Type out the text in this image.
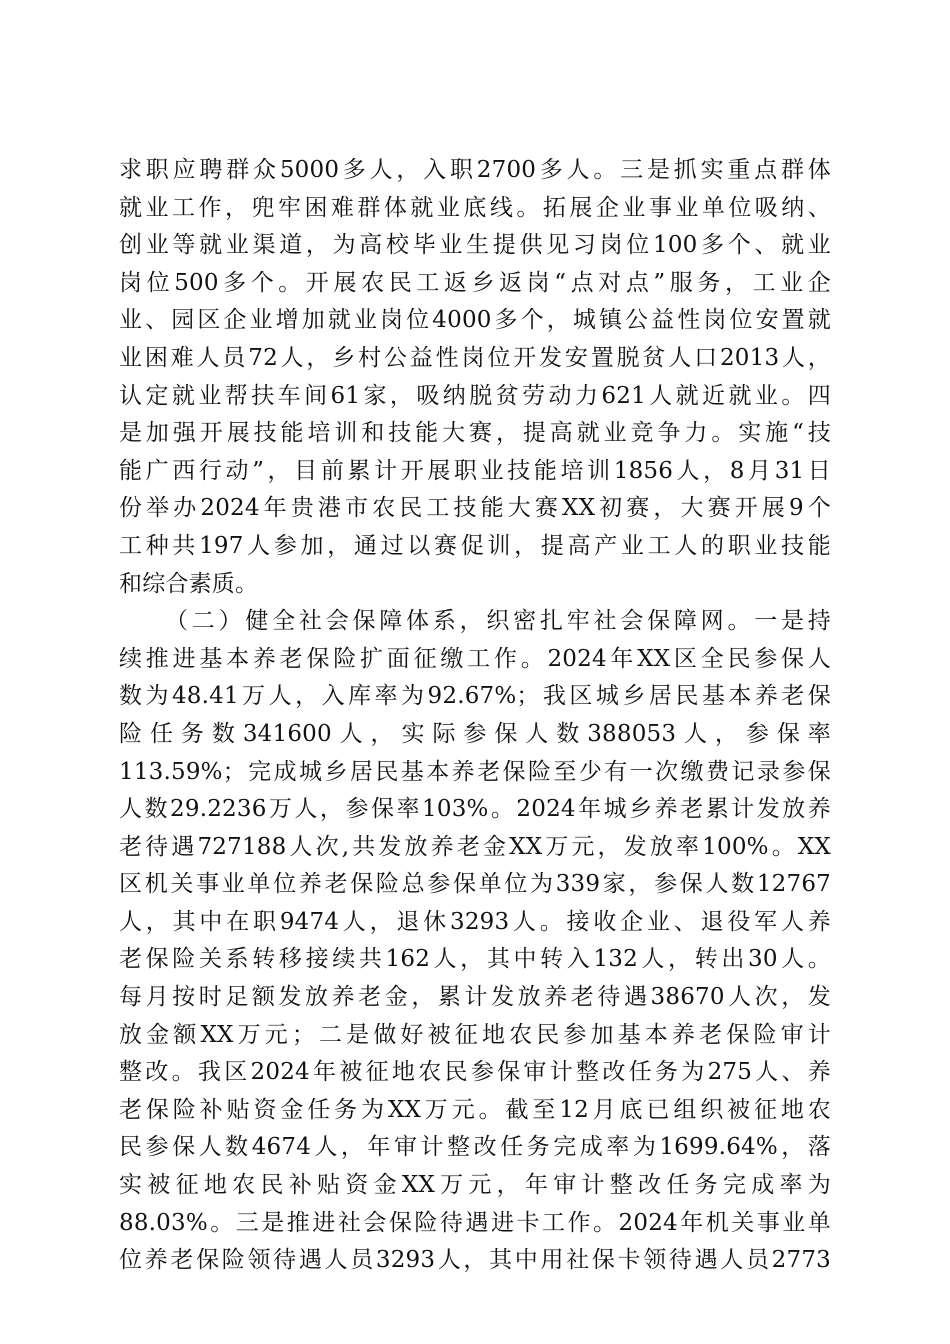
求职应聘群众5000多人，入职2700多人。三是抓实重点群体
就业工作，兜牢困难群体就业底线。拓展企业事业单位吸纳、
创业等就业渠道，为高校毕业生提供见习岗位100多个、就业
岗位500多个。开展农民工返乡返岗“点对点”服务，工业企
业、园区企业增加就业岗位4000多个，城镇公益性岗位安置就
业困难人员72人，乡村公益性岗位开发安置脱贫人口2013人，
认定就业帮扶车间61家，吸纳脱贫劳动力621人就近就业。四
是加强开展技能培训和技能大赛，提高就业竞争力。实施“技
能广西行动”，目前累计开展职业技能培训1856人，8月31日
份举办2024年贵港市农民工技能大赛XX初赛，大赛开展9个
工种共197人参加，通过以赛促训，提高产业工人的职业技能
和综合素质。
（二）健全社会保障体系，织密扎牢社会保障网。一是持
续推进基本养老保险扩面征缴工作。2024年XX区全民参保人
数为48.41万人，入库率为92.67%；我区城乡居民基本养老保
险任务数341600人，实际参保人数388053人，参保率
113.59%；完成城乡居民基本养老保险至少有一次缴费记录参保
人数29.2236万人，参保率103%。2024年城乡养老累计发放养
老待遇727188人次,共发放养老金XX万元，发放率100%。XX
区机关事业单位养老保险总参保单位为339家，参保人数12767
人，其中在职9474人，退休3293人。接收企业、退役军人养
老保险关系转移接续共162人，其中转入132人，转出30人。
每月按时足额发放养老金，累计发放养老待遇38670人次，发
放金额XX万元；二是做好被征地农民参加基本养老保险审计
整改。我区2024年被征地农民参保审计整改任务为275人、养
老保险补贴资金任务为XX万元。截至12月底已组织被征地农
民参保人数4674人，年审计整改任务完成率为1699.64%，落
实被征地农民补贴资金XX万元，年审计整改任务完成率为
88.03%。三是推进社会保险待遇进卡工作。2024年机关事业单
位养老保险领待遇人员3293人，其中用社保卡领待遇人员2773
